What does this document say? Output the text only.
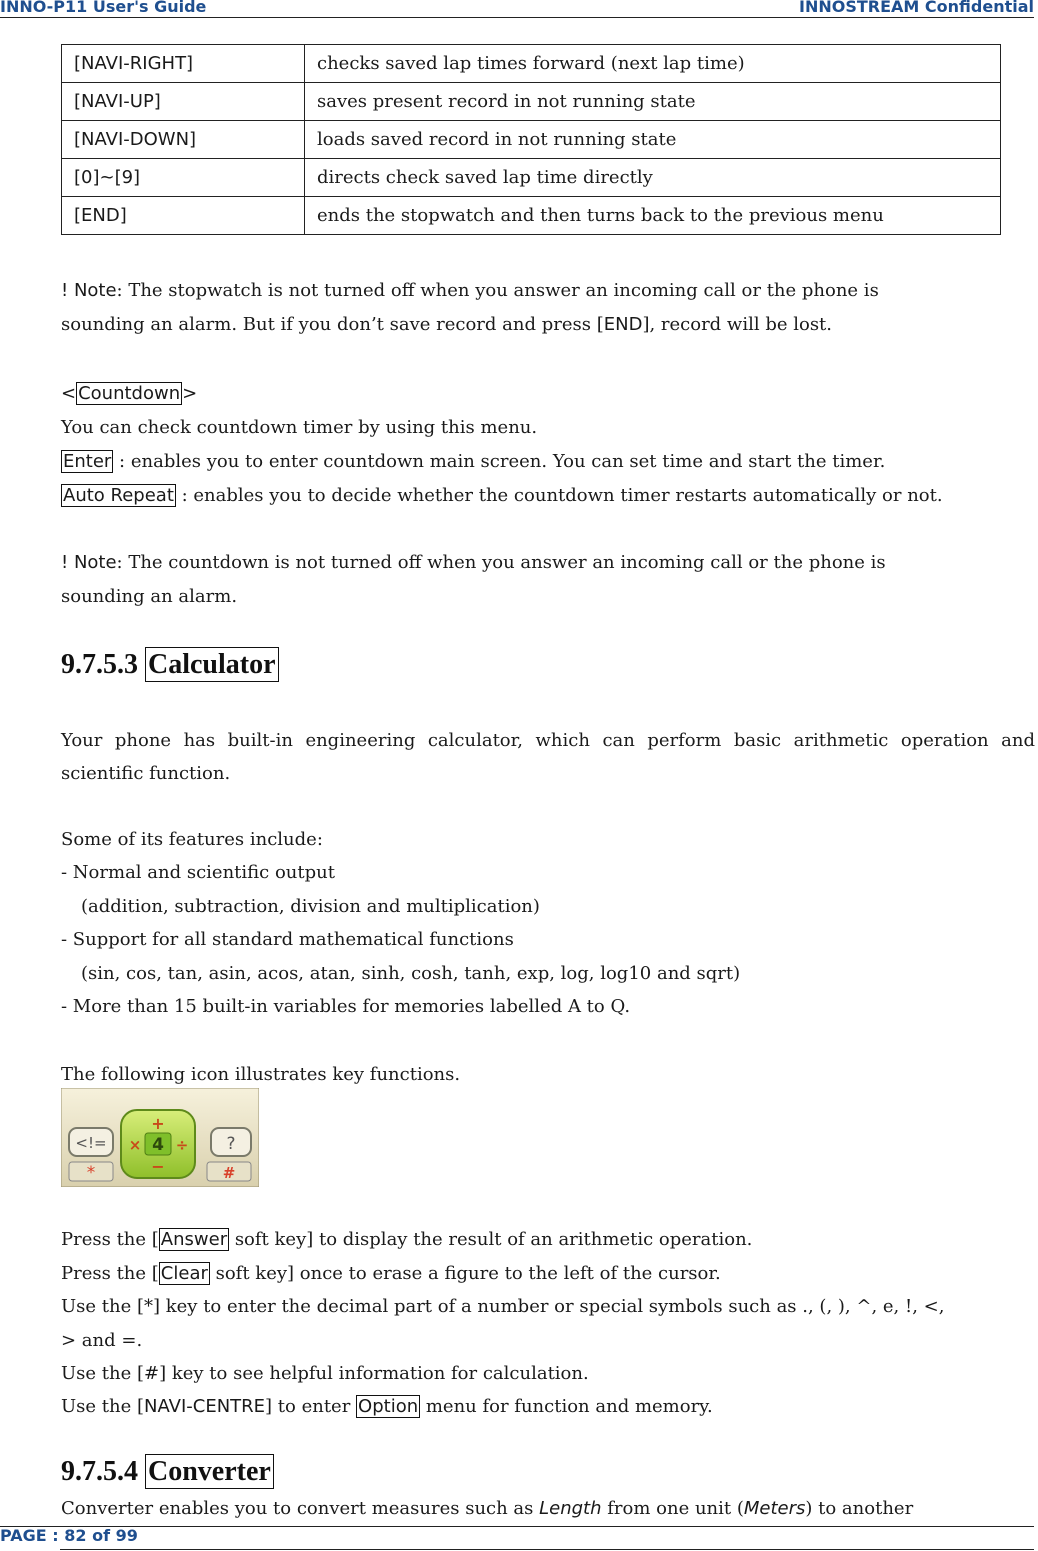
INNO-P11 User's Guide	INNOSTREAM Confidential
[NAVI-RIGHT]	checks saved lap times forward (next lap time)
[NAVI-UP]	saves present record in not running state
[NAVI-DOWN]	loads saved record in not running state
[0]~[9]	directs check saved lap time directly
[END]	ends the stopwatch and then turns back to the previous menu
! Note: The stopwatch is not turned off when you answer an incoming call or the phone is
sounding an alarm. But if you don’t save record and press [END], record will be lost.
< Countdown >
You can check countdown timer by using this menu.
Enter : enables you to enter countdown main screen. You can set time and start the timer.
Auto Repeat : enables you to decide whether the countdown timer restarts automatically or not.
! Note: The countdown is not turned off when you answer an incoming call or the phone is
sounding an alarm.
9.7.5.3 Calculator
Your phone has built-in engineering calculator, which can perform basic arithmetic operation and scientific function.
Some of its features include:
- Normal and scientific output
(addition, subtraction, division and multiplication)
- Support for all standard mathematical functions
(sin, cos, tan, asin, acos, atan, sinh, cosh, tanh, exp, log, log10 and sqrt)
- More than 15 built-in variables for memories labelled A to Q.
The following icon illustrates key functions.
<!=	?
*	#
4
+
−
× ÷
Press the [ Answer soft key] to display the result of an arithmetic operation.
Press the [ Clear soft key] once to erase a figure to the left of the cursor.
Use the [*] key to enter the decimal part of a number or special symbols such as ., (, ), ^, e, !, <,
> and =.
Use the [#] key to see helpful information for calculation.
Use the [NAVI-CENTRE] to enter Option menu for function and memory.
9.7.5.4 Converter
Converter enables you to convert measures such as Length from one unit (Meters) to another
PAGE : 82 of 99
